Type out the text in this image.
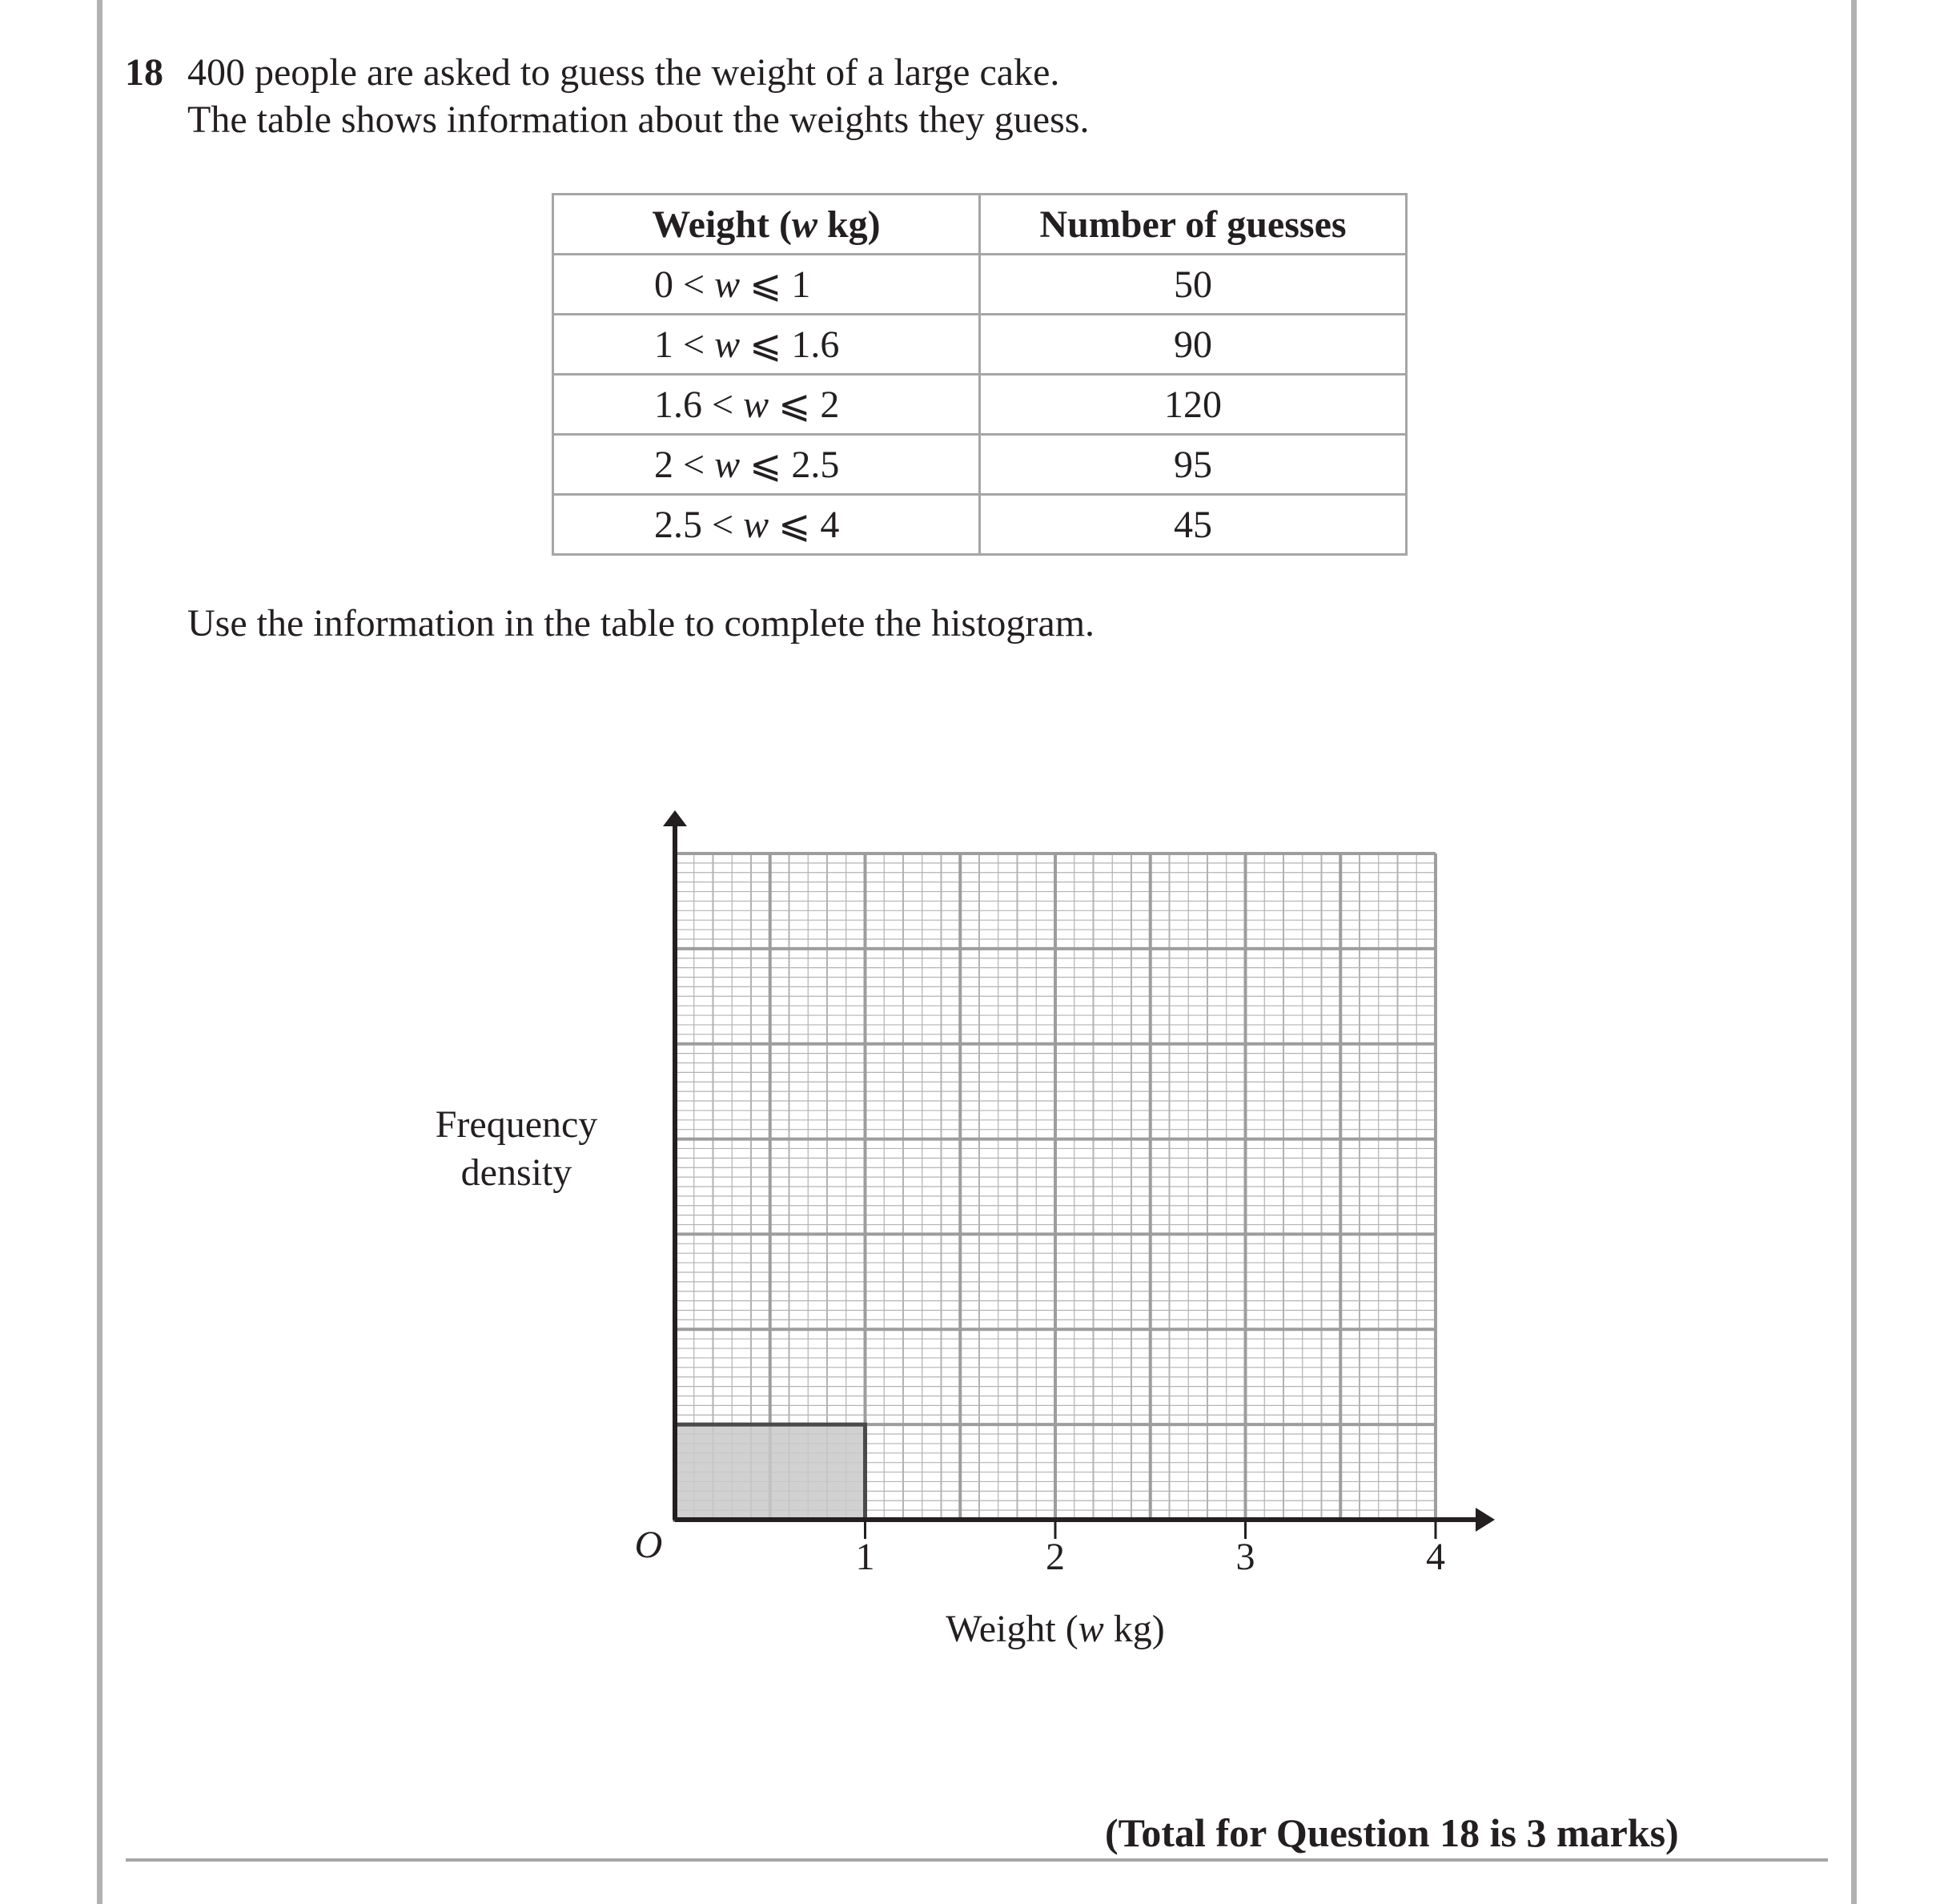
18 400 people are asked to guess the weight of a large cake.
The table shows information about the weights they guess.
Weight (w kg)	Number of guesses
0 < w ⩽ 1	50
1 < w ⩽ 1.6	90
1.6 < w ⩽ 2	120
2 < w ⩽ 2.5	95
2.5 < w ⩽ 4	45
Use the information in the table to complete the histogram.
O
Frequency
density
Weight (w kg)
1	2	3	4
(Total for Question 18 is 3 marks)
